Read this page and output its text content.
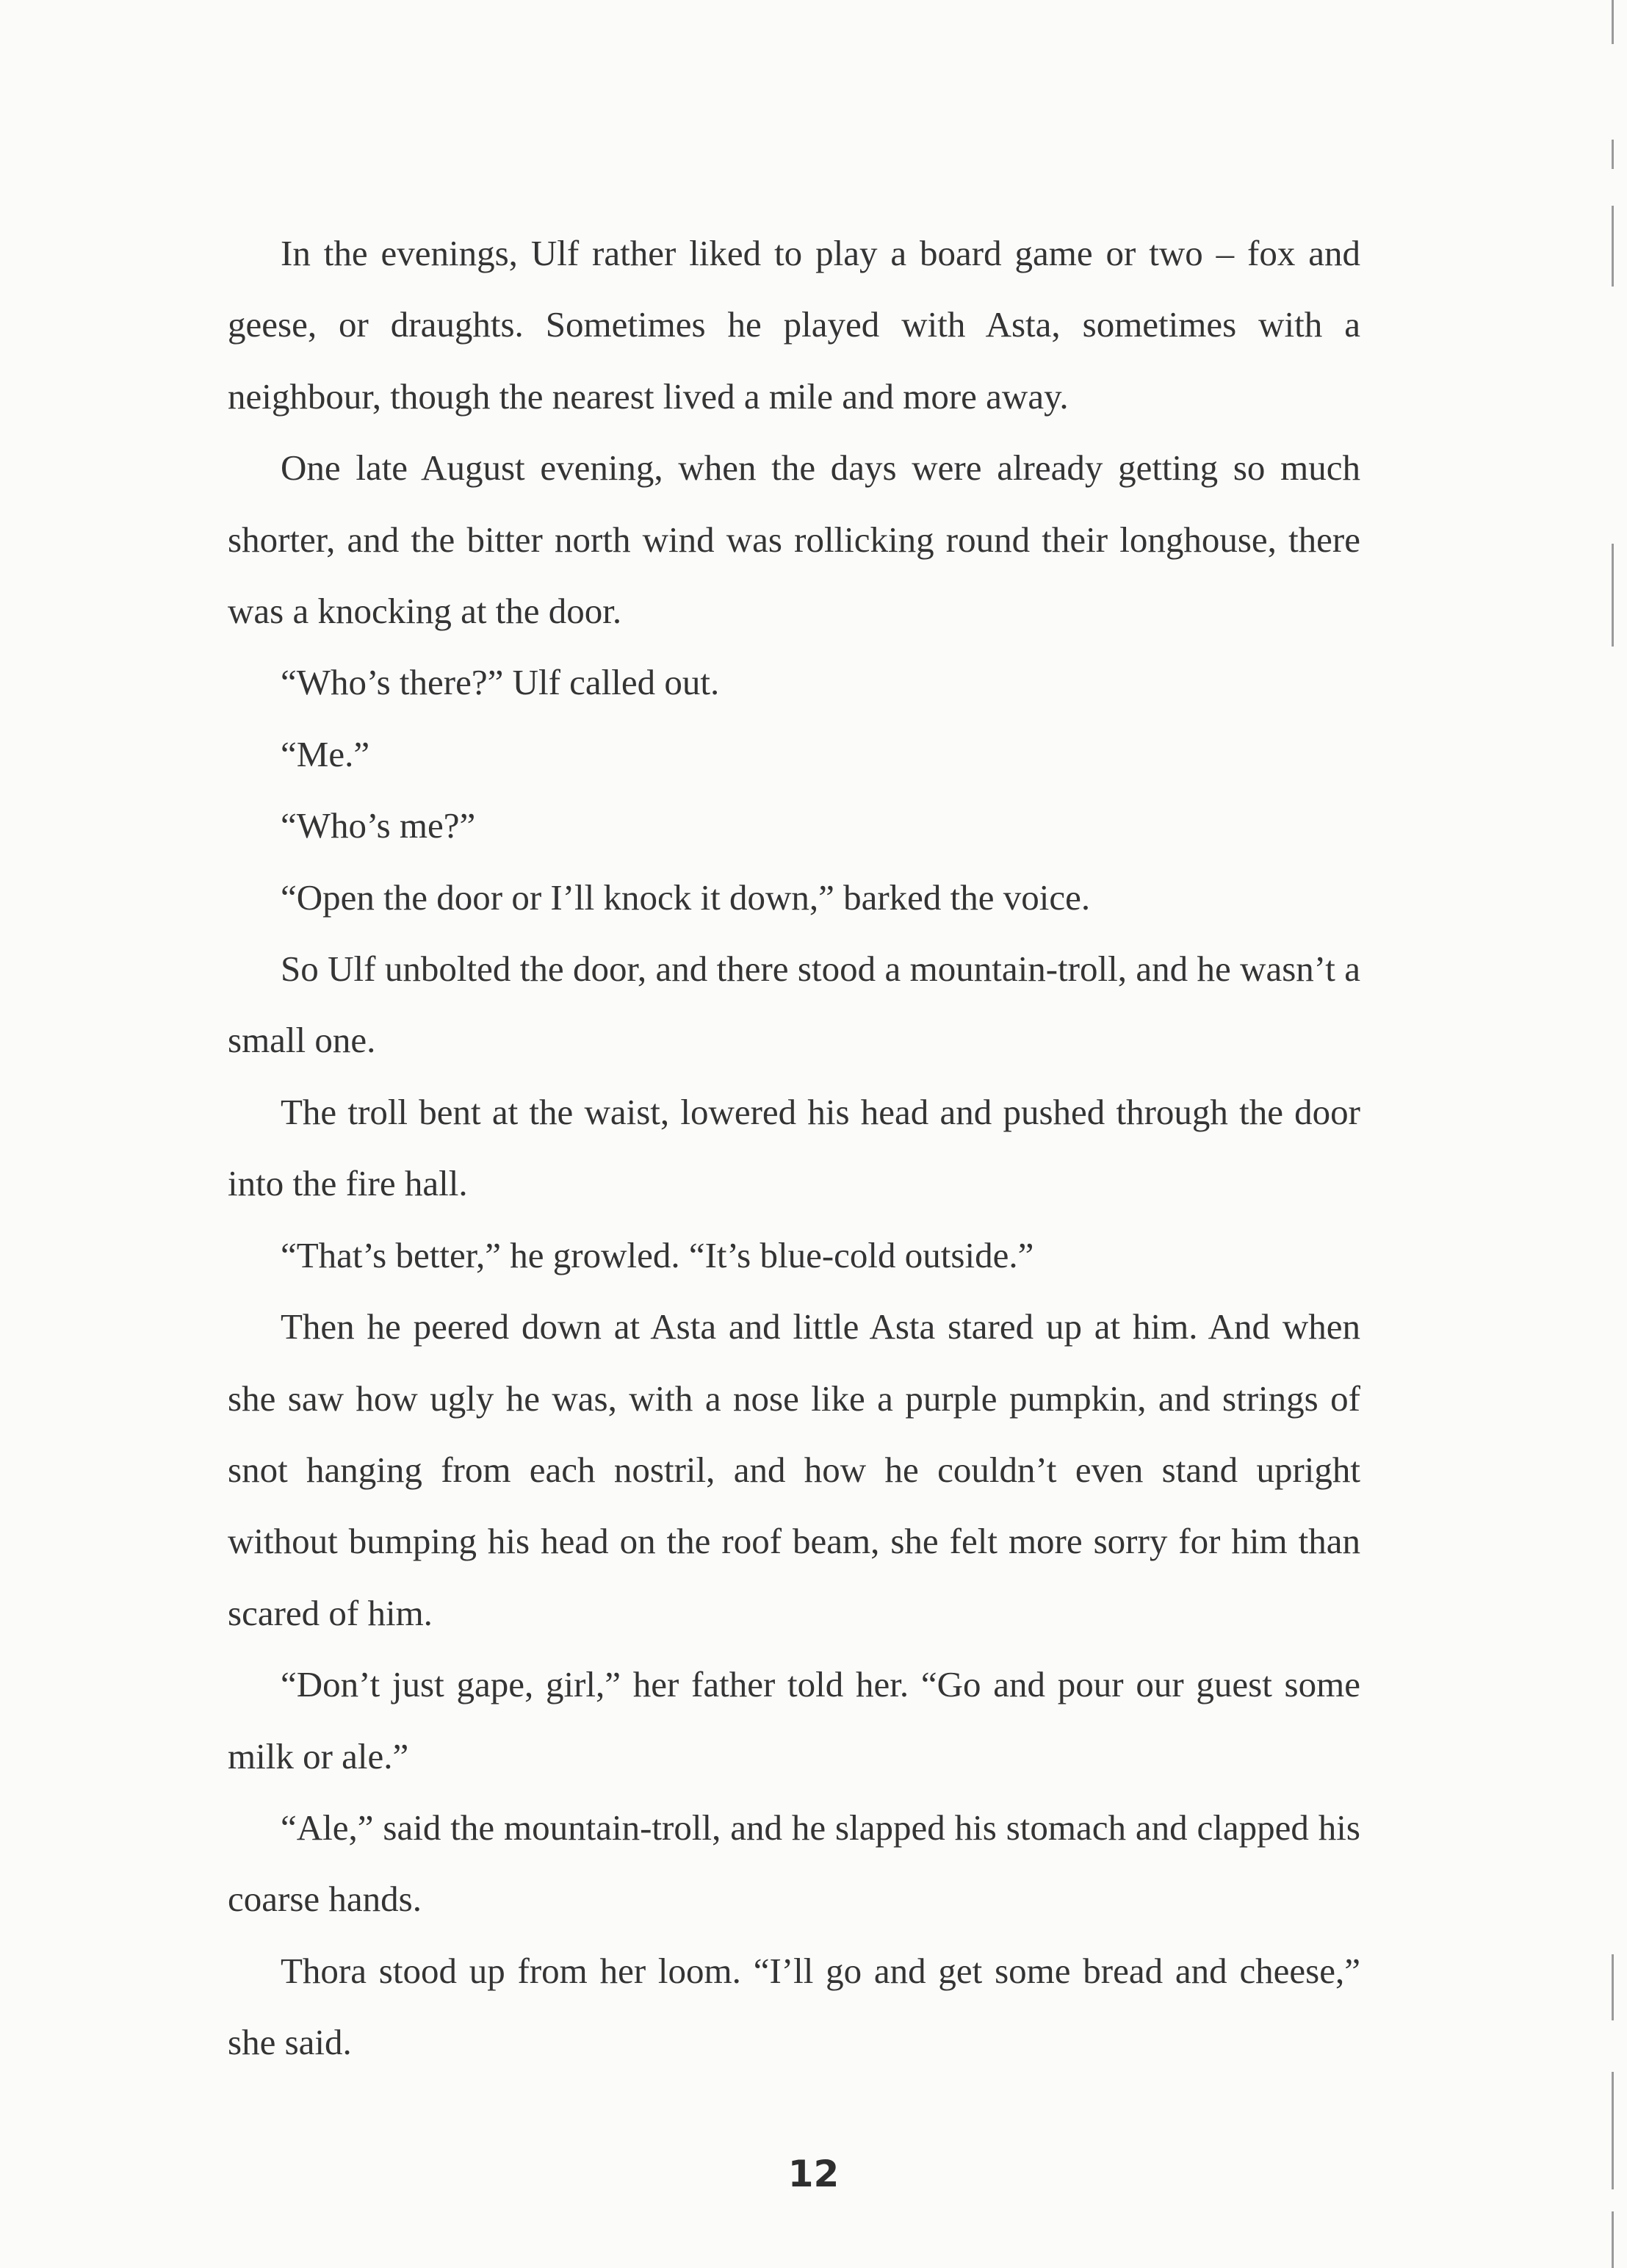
In the evenings, Ulf rather liked to play a board game or two – fox and geese, or draughts. Sometimes he played with Asta, sometimes with a neighbour, though the nearest lived a mile and more away.

One late August evening, when the days were already getting so much shorter, and the bitter north wind was rollicking round their longhouse, there was a knocking at the door.

“Who’s there?” Ulf called out.

“Me.”

“Who’s me?”

“Open the door or I’ll knock it down,” barked the voice.

So Ulf unbolted the door, and there stood a mountain-troll, and he wasn’t a small one.

The troll bent at the waist, lowered his head and pushed through the door into the fire hall.

“That’s better,” he growled. “It’s blue-cold outside.”

Then he peered down at Asta and little Asta stared up at him. And when she saw how ugly he was, with a nose like a purple pumpkin, and strings of snot hanging from each nostril, and how he couldn’t even stand upright without bumping his head on the roof beam, she felt more sorry for him than scared of him.

“Don’t just gape, girl,” her father told her. “Go and pour our guest some milk or ale.”

“Ale,” said the mountain-troll, and he slapped his stomach and clapped his coarse hands.

Thora stood up from her loom. “I’ll go and get some bread and cheese,” she said.

12
